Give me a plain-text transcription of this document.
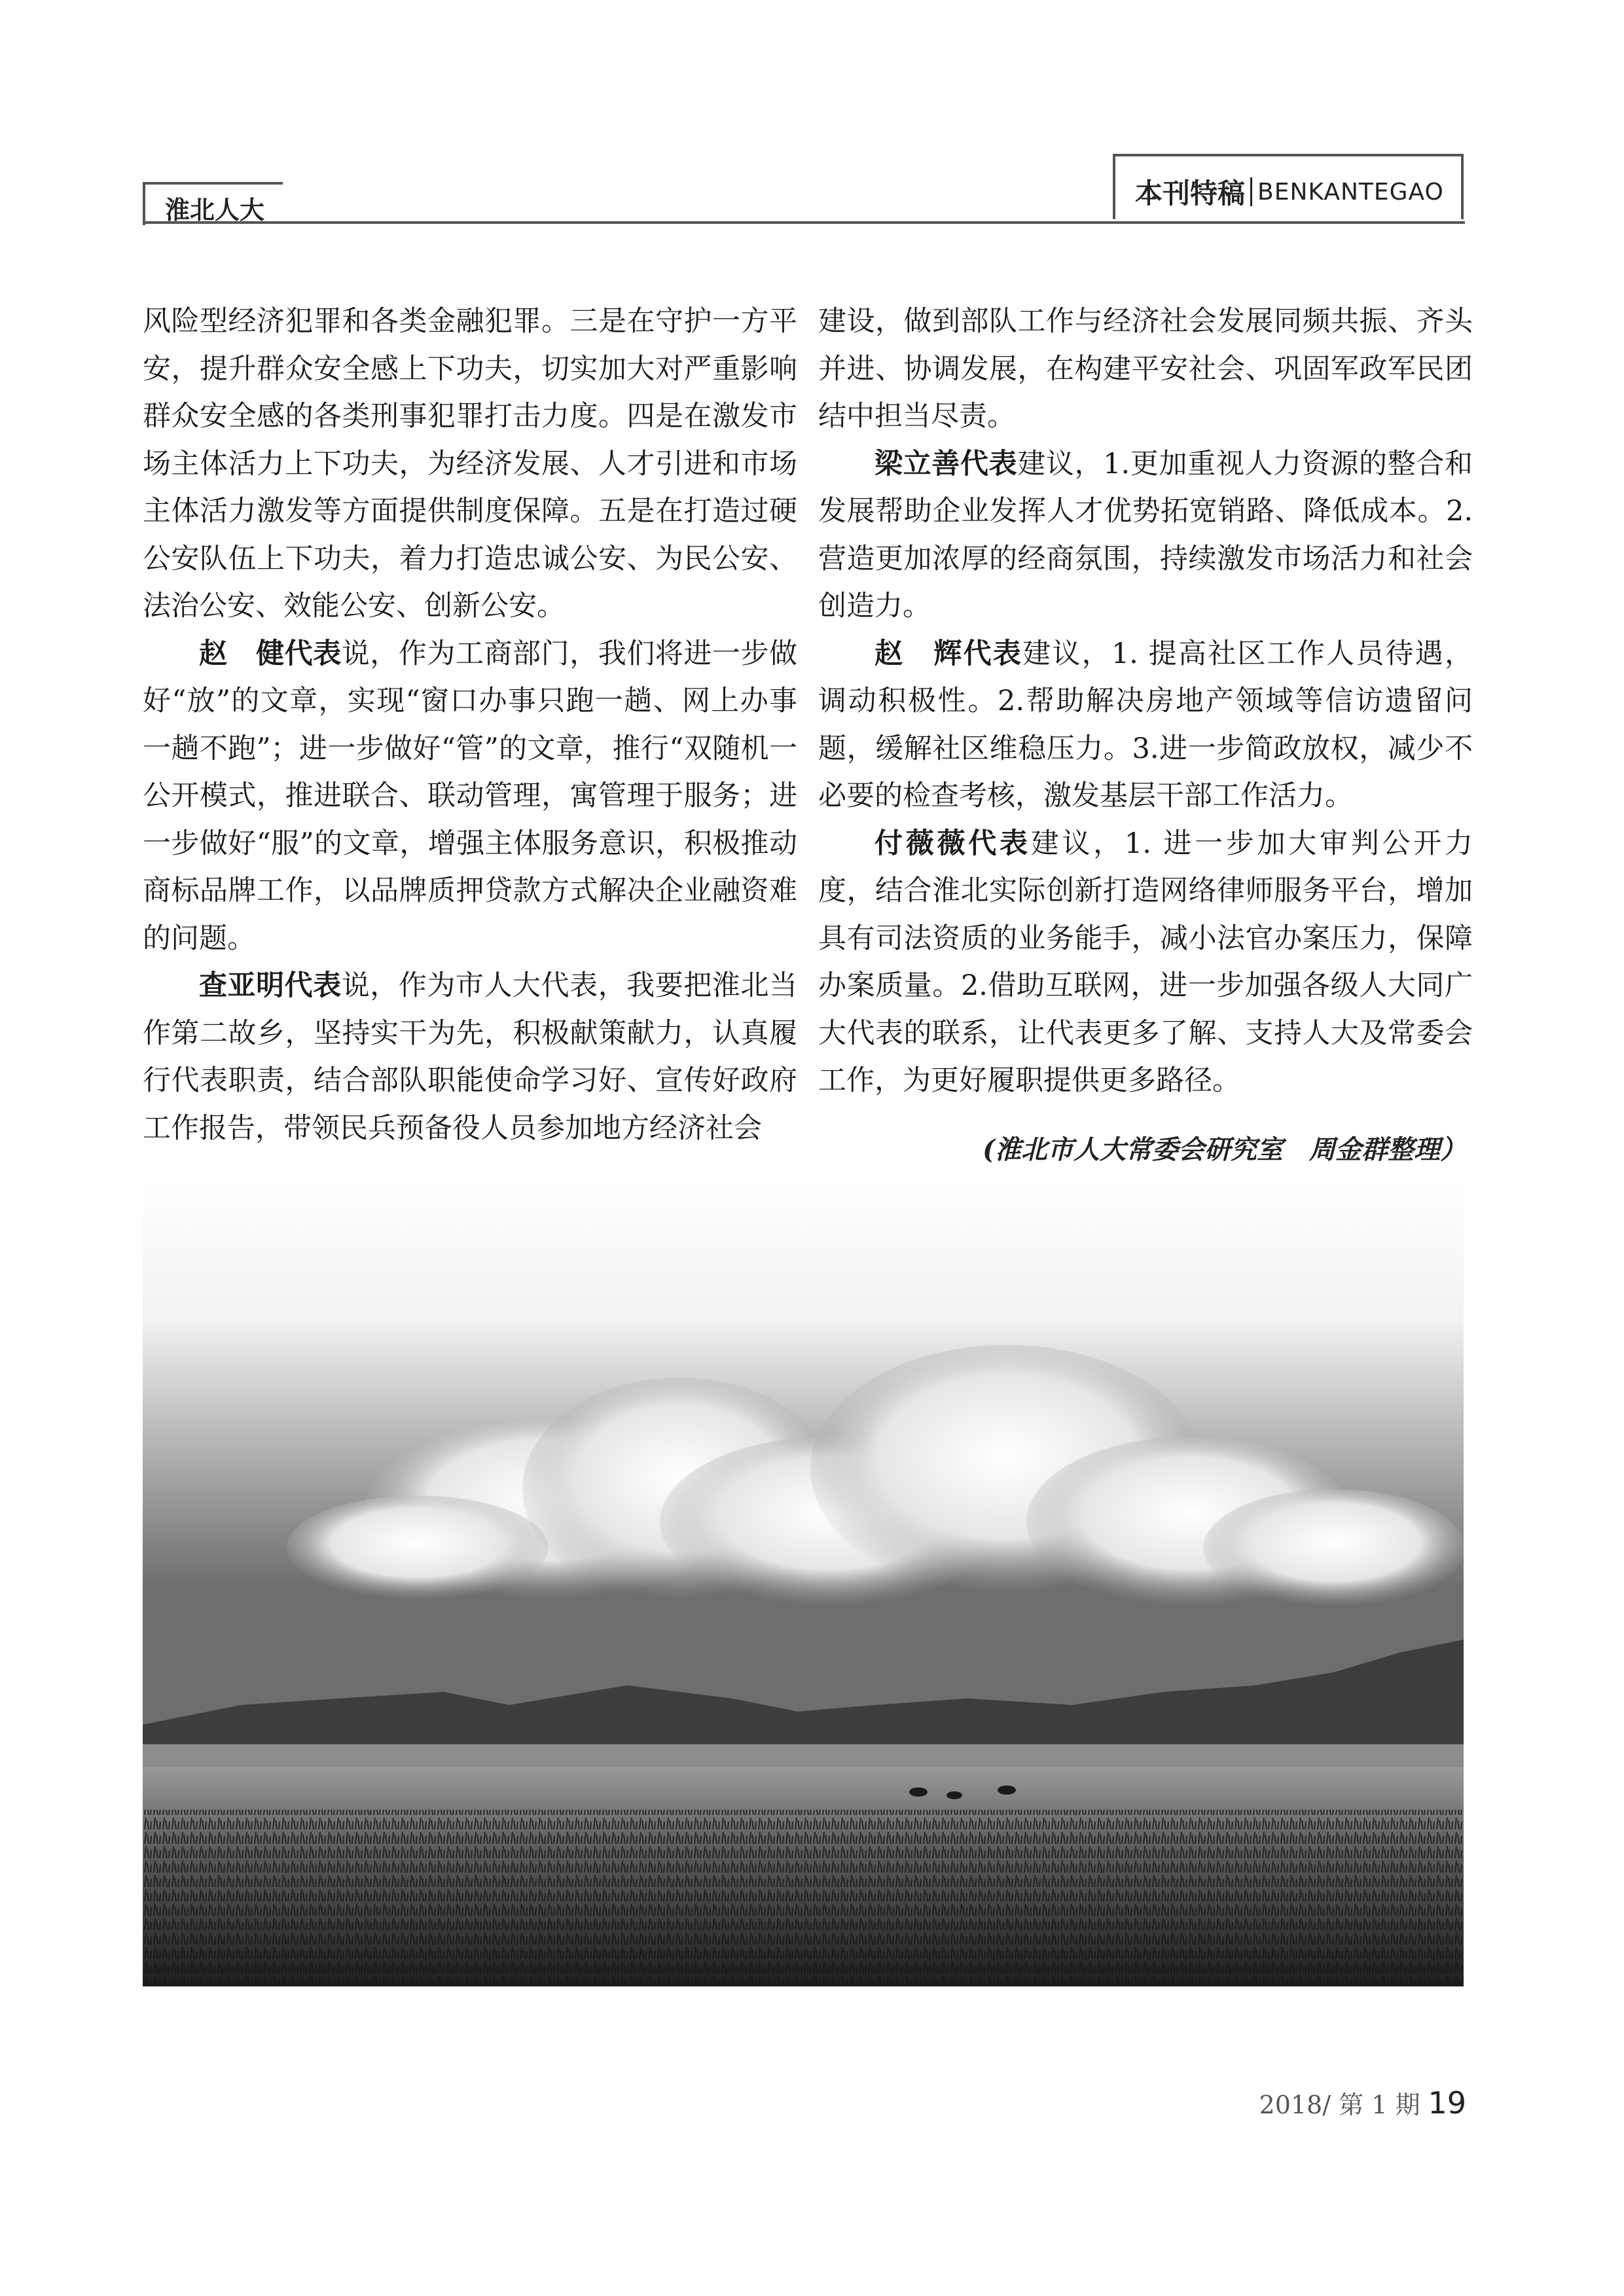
淮北人大
本刊特稿 BENKANTEGAO

风险型经济犯罪和各类金融犯罪。三是在守护一方平安，提升群众安全感上下功夫，切实加大对严重影响群众安全感的各类刑事犯罪打击力度。四是在激发市场主体活力上下功夫，为经济发展、人才引进和市场主体活力激发等方面提供制度保障。五是在打造过硬公安队伍上下功夫，着力打造忠诚公安、为民公安、法治公安、效能公安、创新公安。

赵　健代表说，作为工商部门，我们将进一步做好“放”的文章，实现“窗口办事只跑一趟、网上办事一趟不跑”；进一步做好“管”的文章，推行“双随机一公开模式，推进联合、联动管理，寓管理于服务；进一步做好“服”的文章，增强主体服务意识，积极推动商标品牌工作，以品牌质押贷款方式解决企业融资难的问题。

查亚明代表说，作为市人大代表，我要把淮北当作第二故乡，坚持实干为先，积极献策献力，认真履行代表职责，结合部队职能使命学习好、宣传好政府工作报告，带领民兵预备役人员参加地方经济社会

建设，做到部队工作与经济社会发展同频共振、齐头并进、协调发展，在构建平安社会、巩固军政军民团结中担当尽责。

梁立善代表建议，1.更加重视人力资源的整合和发展帮助企业发挥人才优势拓宽销路、降低成本。2.营造更加浓厚的经商氛围，持续激发市场活力和社会创造力。

赵　辉代表建议，1. 提高社区工作人员待遇，调动积极性。2.帮助解决房地产领域等信访遗留问题，缓解社区维稳压力。3.进一步简政放权，减少不必要的检查考核，激发基层干部工作活力。

付薇薇代表建议，1. 进一步加大审判公开力度，结合淮北实际创新打造网络律师服务平台，增加具有司法资质的业务能手，减小法官办案压力，保障办案质量。2.借助互联网，进一步加强各级人大同广大代表的联系，让代表更多了解、支持人大及常委会工作，为更好履职提供更多路径。

(淮北市人大常委会研究室　周金群整理）
2018/ 第 1 期 19
